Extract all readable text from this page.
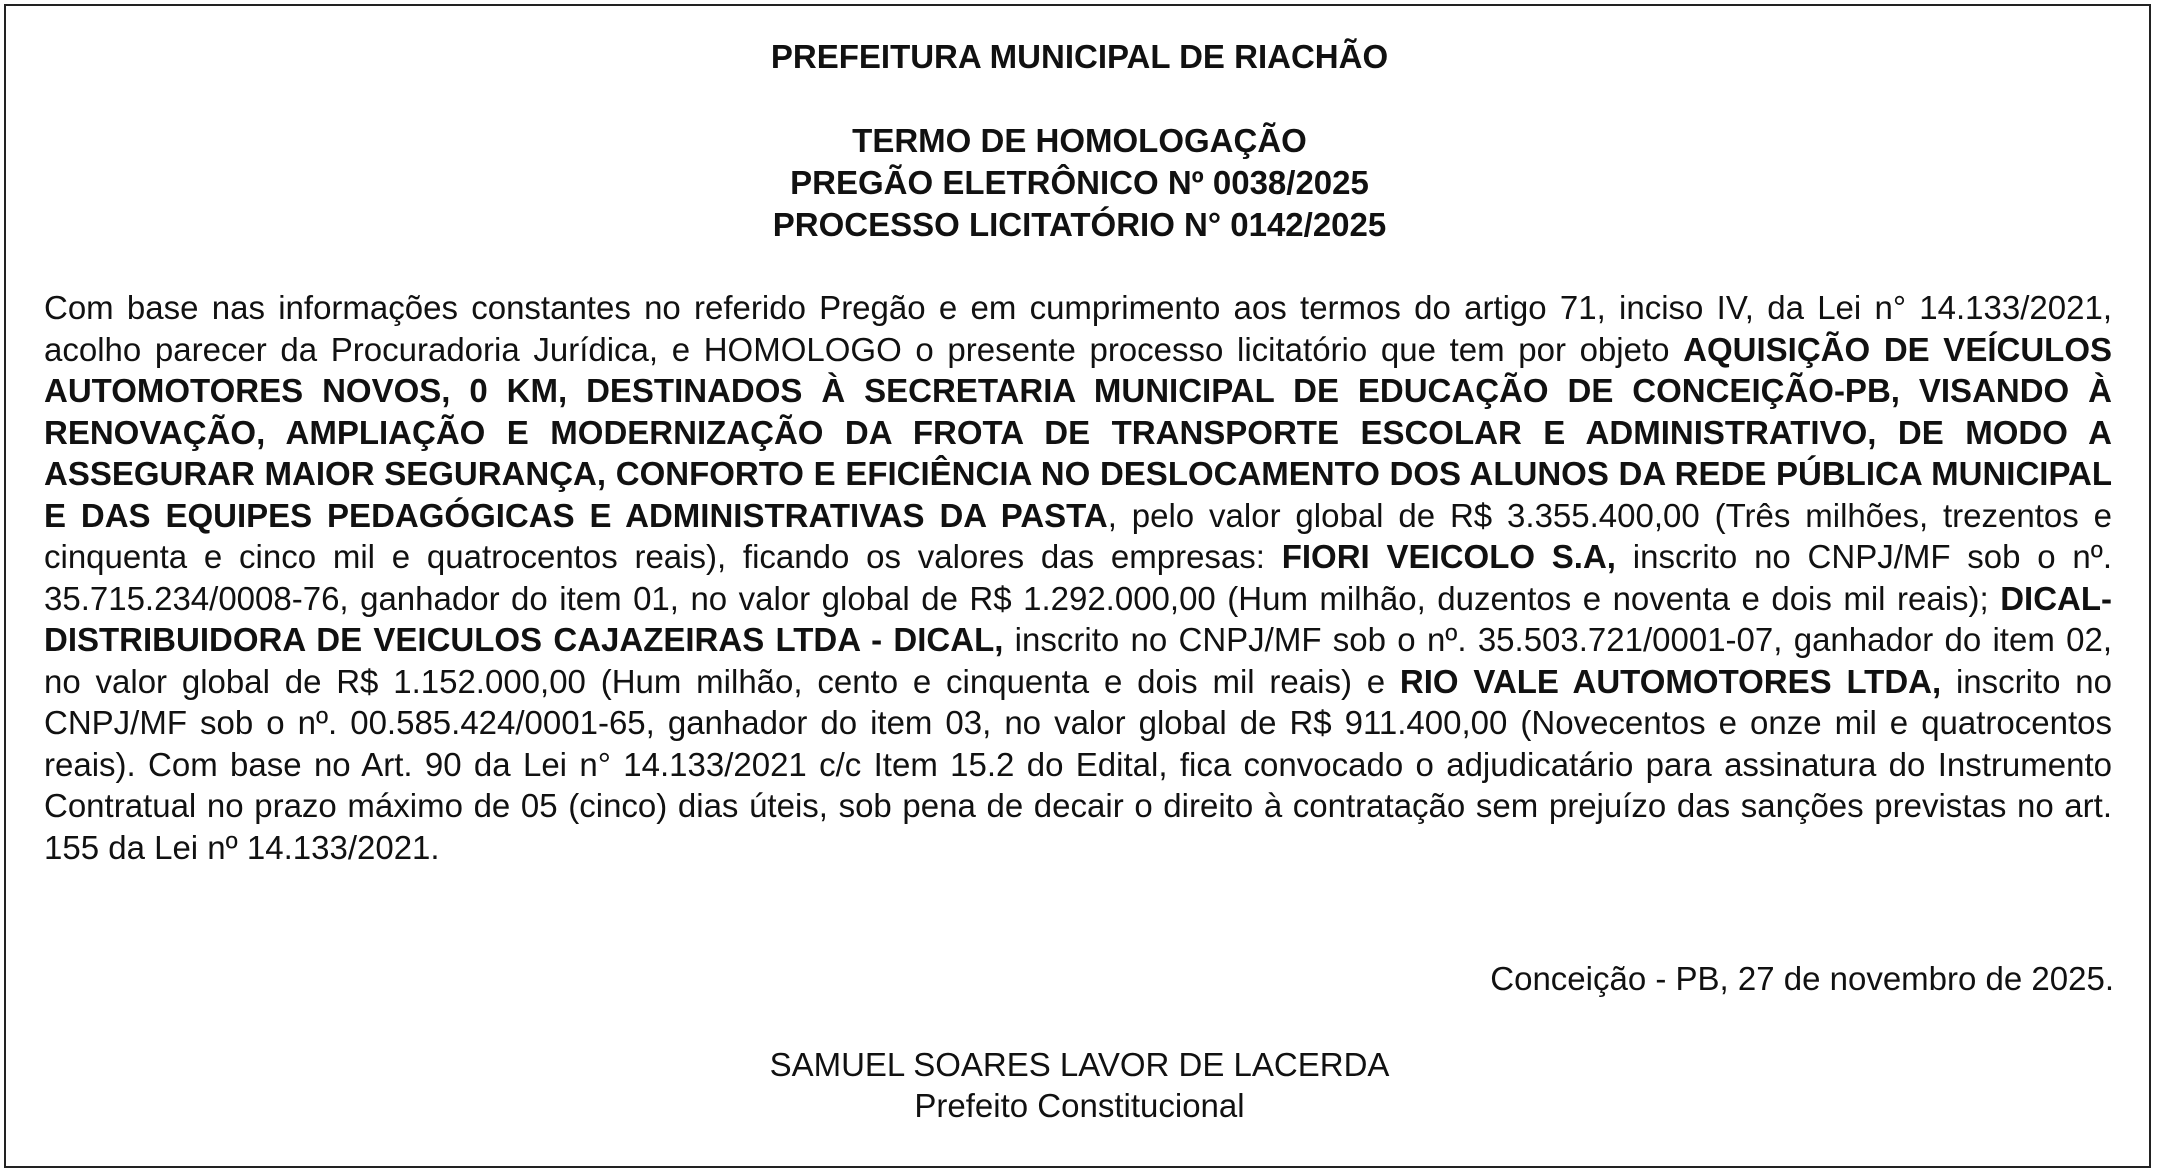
PREFEITURA MUNICIPAL DE RIACHÃO
TERMO DE HOMOLOGAÇÃO
PREGÃO ELETRÔNICO Nº 0038/2025
PROCESSO LICITATÓRIO N° 0142/2025

Com base nas informações constantes no referido Pregão e em cumprimento aos termos do artigo 71, inciso IV, da Lei n° 14.133/2021, acolho parecer da Procuradoria Jurídica, e HOMOLOGO o presente processo licitatório que tem por objeto AQUISIÇÃO DE VEÍCULOS AUTOMOTORES NOVOS, 0 KM, DESTINADOS À SECRETARIA MUNICIPAL DE EDUCAÇÃO DE CONCEIÇÃO-PB, VISANDO À RENOVAÇÃO, AMPLIAÇÃO E MODERNIZAÇÃO DA FROTA DE TRANSPORTE ESCOLAR E ADMINISTRATIVO, DE MODO A ASSEGURAR MAIOR SEGURANÇA, CONFORTO E EFICIÊNCIA NO DESLOCAMENTO DOS ALUNOS DA REDE PÚBLICA MUNICIPAL E DAS EQUIPES PEDAGÓGICAS E ADMINISTRATIVAS DA PASTA, pelo valor global de R$ 3.355.400,00 (Três milhões, trezentos e cinquenta e cinco mil e quatrocentos reais), ficando os valores das empresas: FIORI VEICOLO S.A, inscrito no CNPJ/MF sob o nº. 35.715.234/0008-76, ganhador do item 01, no valor global de R$ 1.292.000,00 (Hum milhão, duzentos e noventa e dois mil reais); DICAL-DISTRIBUIDORA DE VEICULOS CAJAZEIRAS LTDA - DICAL, inscrito no CNPJ/MF sob o nº. 35.503.721/0001-07, ganhador do item 02, no valor global de R$ 1.152.000,00 (Hum milhão, cento e cinquenta e dois mil reais) e RIO VALE AUTOMOTORES LTDA, inscrito no CNPJ/MF sob o nº. 00.585.424/0001-65, ganhador do item 03, no valor global de R$ 911.400,00 (Novecentos e onze mil e quatrocentos reais). Com base no Art. 90 da Lei n° 14.133/2021 c/c Item 15.2 do Edital, fica convocado o adjudicatário para assinatura do Instrumento Contratual no prazo máximo de 05 (cinco) dias úteis, sob pena de decair o direito à contratação sem prejuízo das sanções previstas no art. 155 da Lei nº 14.133/2021.

Conceição - PB, 27 de novembro de 2025.
SAMUEL SOARES LAVOR DE LACERDA
Prefeito Constitucional
